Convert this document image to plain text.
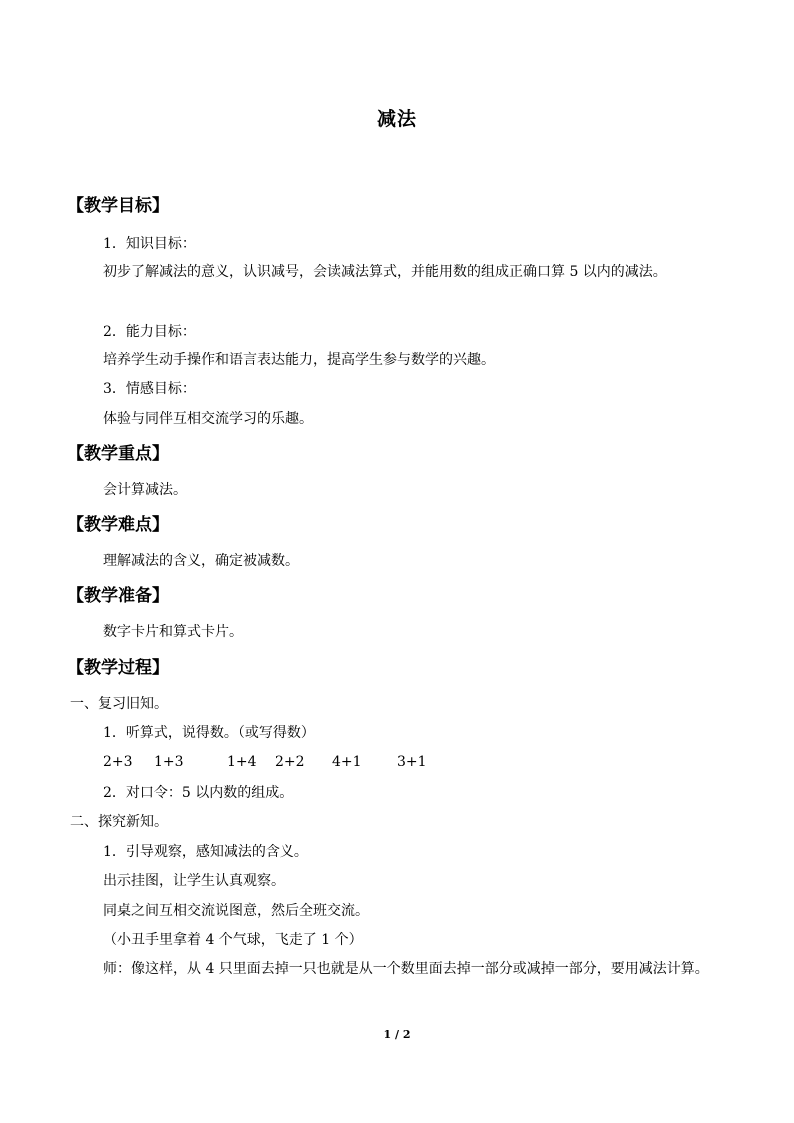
减法
【教学目标】
1．知识目标：
初步了解减法的意义，认识减号，会读减法算式，并能用数的组成正确口算 5 以内的减法。
2．能力目标：
培养学生动手操作和语言表达能力，提高学生参与数学的兴趣。
3．情感目标：
体验与同伴互相交流学习的乐趣。
【教学重点】
会计算减法。
【教学难点】
理解减法的含义，确定被减数。
【教学准备】
数字卡片和算式卡片。
【教学过程】
一、复习旧知。
1．听算式，说得数。（或写得数）
2+3 1+3	1+4 2+2 4+1	3+1
2．对口令：5 以内数的组成。
二、探究新知。
1．引导观察，感知减法的含义。
出示挂图，让学生认真观察。
同桌之间互相交流说图意，然后全班交流。
（小丑手里拿着 4 个气球，飞走了 1 个）
师：像这样，从 4 只里面去掉一只也就是从一个数里面去掉一部分或减掉一部分，要用减法计算。
1 / 2
